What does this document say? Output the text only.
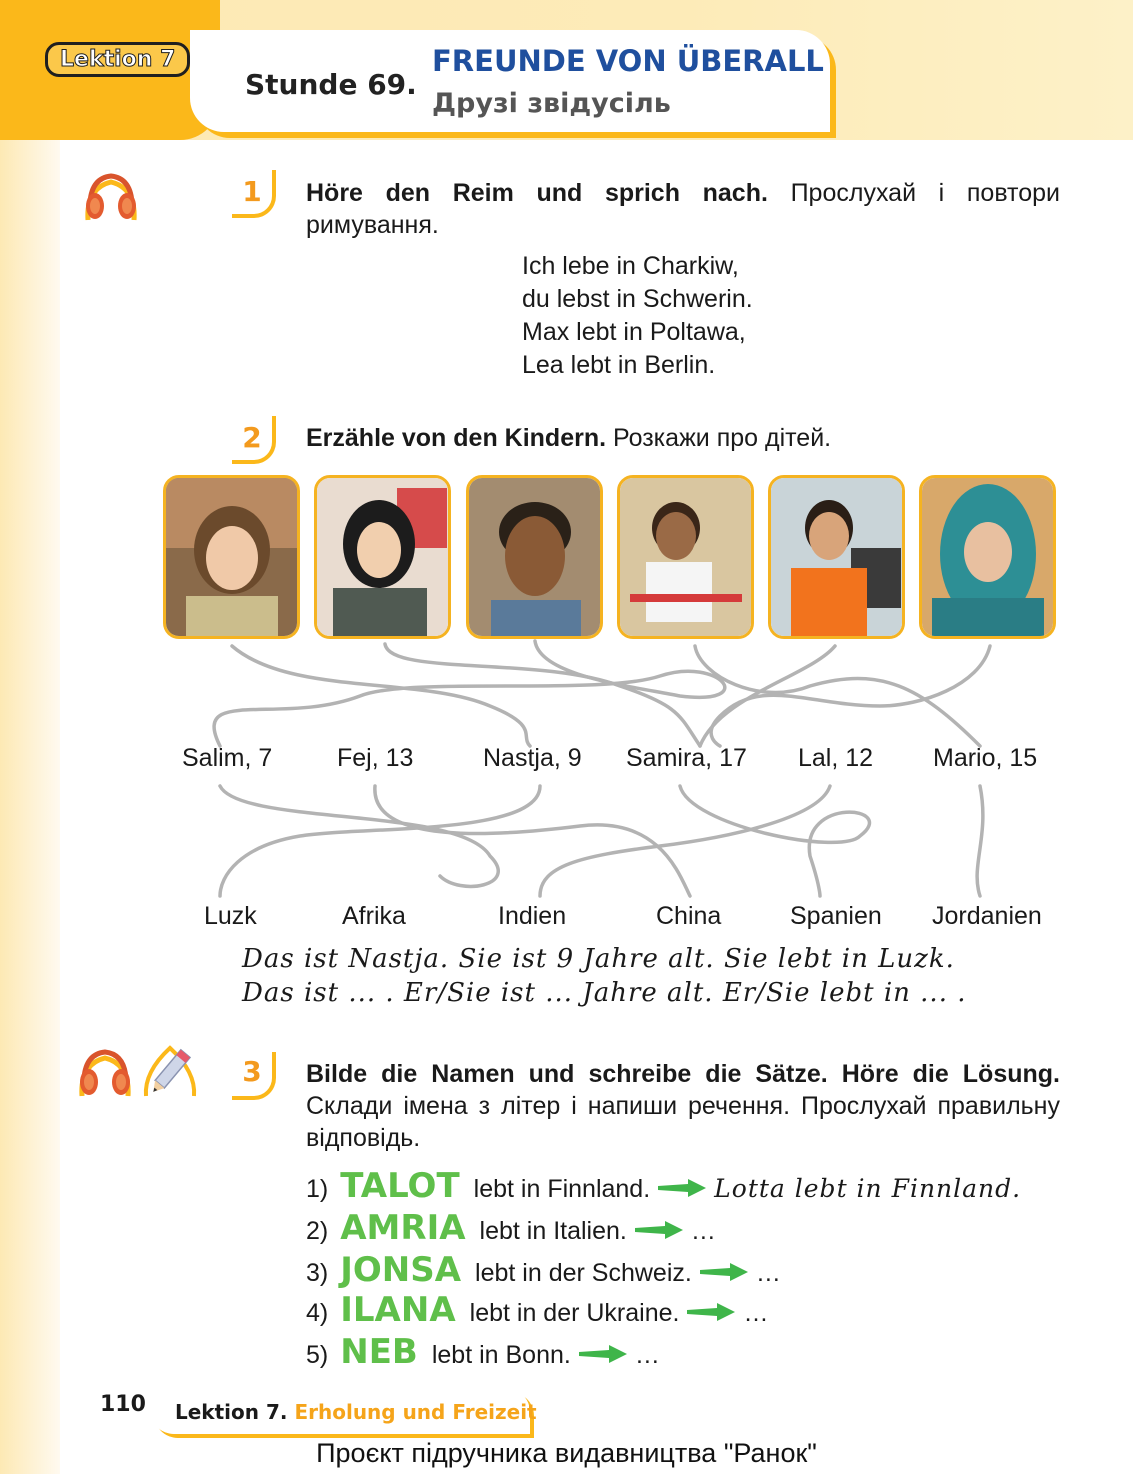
Lektion 7
Stunde 69.
FREUNDE VON ÜBERALL
Друзі звідусіль
1	Höre den Reim und sprich nach. Прослухай і повтори римування.
Ich lebe in Charkiw,
du lebst in Schwerin.
Max lebt in Poltawa,
Lea lebt in Berlin.
2	Erzähle von den Kindern. Розкажи про дітей.
Salim, 7	Fej, 13	Nastja, 9 Samira, 17 Lal, 12 Mario, 15
Luzk	Afrika	Indien	China	Spanien Jordanien
Das ist Nastja. Sie ist 9 Jahre alt. Sie lebt in Luzk.
Das ist ... . Er/Sie ist ... Jahre alt. Er/Sie lebt in ... .
3	Bilde die Namen und schreibe die Sätze. Höre die Lösung. Склади імена з літер і напиши речення. Прослухай правильну відповідь.
1) TALOT lebt in Finnland.	Lotta lebt in Finnland.
2) AMRIA lebt in Italien.	…
3) JONSA lebt in der Schweiz.	…
4) ILANA lebt in der Ukraine.	…
5) NEB lebt in Bonn.	…
110 Lektion 7. Erholung und Freizeit
Проєкт підручника видавництва "Ранок"
